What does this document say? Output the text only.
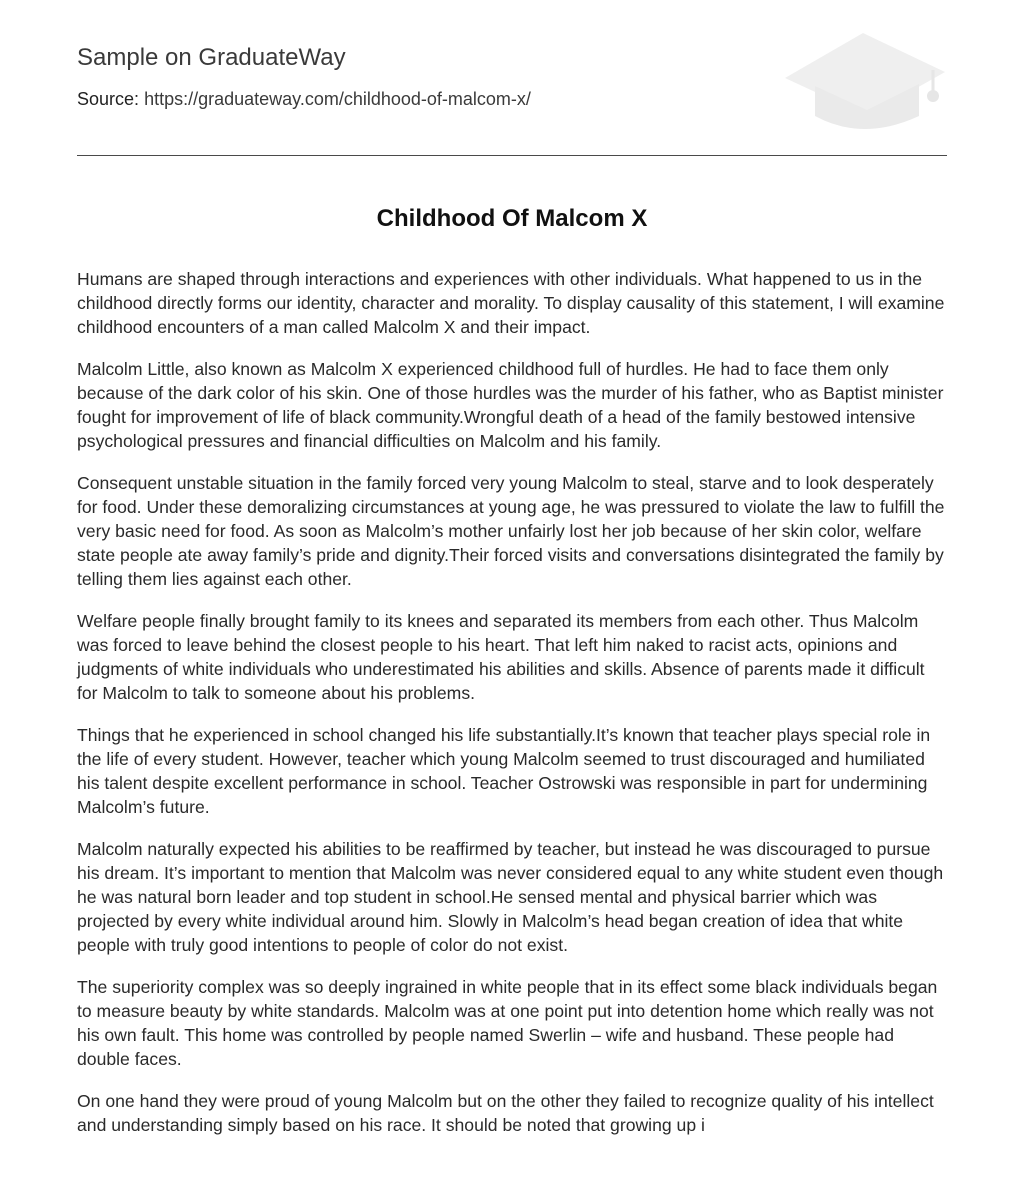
Sample on GraduateWay
Source: https://graduateway.com/childhood-of-malcom-x/
Childhood Of Malcom X

Humans are shaped through interactions and experiences with other individuals. What happened to us in the childhood directly forms our identity, character and morality. To display causality of this statement, I will examine childhood encounters of a man called Malcolm X and their impact.

Malcolm Little, also known as Malcolm X experienced childhood full of hurdles. He had to face them only because of the dark color of his skin. One of those hurdles was the murder of his father, who as Baptist minister fought for improvement of life of black community.Wrongful death of a head of the family bestowed intensive psychological pressures and financial difficulties on Malcolm and his family.

Consequent unstable situation in the family forced very young Malcolm to steal, starve and to look desperately for food. Under these demoralizing circumstances at young age, he was pressured to violate the law to fulfill the very basic need for food. As soon as Malcolm’s mother unfairly lost her job because of her skin color, welfare state people ate away family’s pride and dignity.Their forced visits and conversations disintegrated the family by telling them lies against each other.

Welfare people finally brought family to its knees and separated its members from each other. Thus Malcolm was forced to leave behind the closest people to his heart. That left him naked to racist acts, opinions and judgments of white individuals who underestimated his abilities and skills. Absence of parents made it difficult for Malcolm to talk to someone about his problems.

Things that he experienced in school changed his life substantially.It’s known that teacher plays special role in the life of every student. However, teacher which young Malcolm seemed to trust discouraged and humiliated his talent despite excellent performance in school. Teacher Ostrowski was responsible in part for undermining Malcolm’s future.

Malcolm naturally expected his abilities to be reaffirmed by teacher, but instead he was discouraged to pursue his dream. It’s important to mention that Malcolm was never considered equal to any white student even though he was natural born leader and top student in school.He sensed mental and physical barrier which was projected by every white individual around him. Slowly in Malcolm’s head began creation of idea that white people with truly good intentions to people of color do not exist.

The superiority complex was so deeply ingrained in white people that in its effect some black individuals began to measure beauty by white standards. Malcolm was at one point put into detention home which really was not his own fault. This home was controlled by people named Swerlin – wife and husband. These people had double faces.

On one hand they were proud of young Malcolm but on the other they failed to recognize quality of his intellect and understanding simply based on his race. It should be noted that growing up i
